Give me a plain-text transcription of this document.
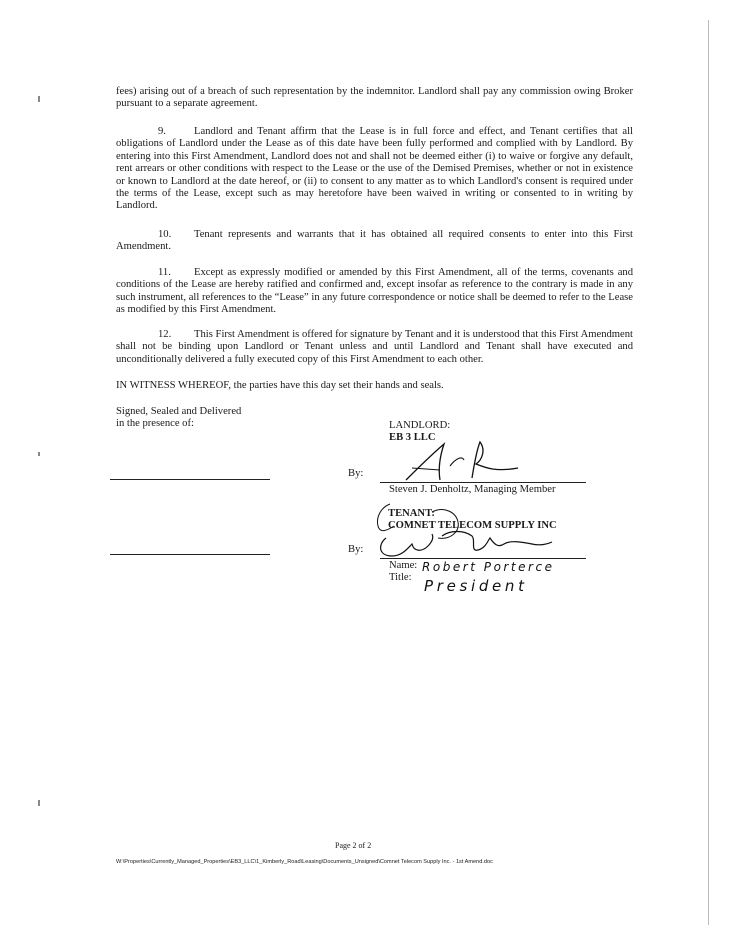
fees) arising out of a breach of such representation by the indemnitor. Landlord shall pay any commission owing Broker pursuant to a separate agreement.

9.	Landlord and Tenant affirm that the Lease is in full force and effect, and Tenant certifies that all obligations of Landlord under the Lease as of this date have been fully performed and complied with by Landlord. By entering into this First Amendment, Landlord does not and shall not be deemed either (i) to waive or forgive any default, rent arrears or other conditions with respect to the Lease or the use of the Demised Premises, whether or not in existence or known to Landlord at the date hereof, or (ii) to consent to any matter as to which Landlord's consent is required under the terms of the Lease, except such as may heretofore have been waived in writing or consented to in writing by Landlord.

10. Tenant represents and warrants that it has obtained all required consents to enter into this First Amendment.

11. Except as expressly modified or amended by this First Amendment, all of the terms, covenants and conditions of the Lease are hereby ratified and confirmed and, except insofar as reference to the contrary is made in any such instrument, all references to the “Lease” in any future correspondence or notice shall be deemed to refer to the Lease as modified by this First Amendment.

12. This First Amendment is offered for signature by Tenant and it is understood that this First Amendment shall not be binding upon Landlord or Tenant unless and until Landlord and Tenant shall have executed and unconditionally delivered a fully executed copy of this First Amendment to each other.

IN WITNESS WHEREOF, the parties have this day set their hands and seals.

Signed, Sealed and Delivered
in the presence of:	LANDLORD:
EB 3 LLC
By:
Steven J. Denholtz, Managing Member
TENANT:
COMNET TELECOM SUPPLY INC
By:
Name: Robert Porterce
Title: President
Page 2 of 2
W:\Properties\Currently_Managed_Properties\EB3_LLC\1_Kimberly_Road\Leasing\Documents_Unsigned\Comnet Telecom Supply Inc. - 1st Amend.doc
